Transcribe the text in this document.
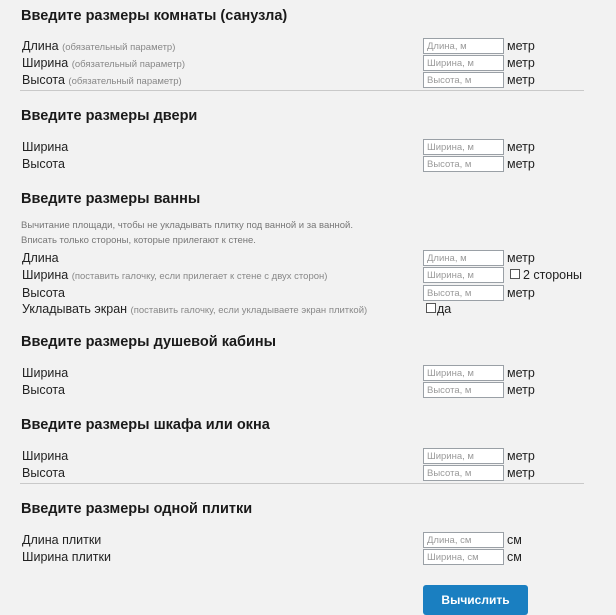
Введите размеры комнаты (санузла)
Длина (обязательный параметр)
Длина, м	метр
Ширина (обязательный параметр)
Ширина, м	метр
Высота (обязательный параметр)
Высота, м	метр
Введите размеры двери
Ширина
Ширина, м	метр
Высота
Высота, м	метр
Введите размеры ванны
Вычитание площади, чтобы не укладывать плитку под ванной и за ванной.
Вписать только стороны, которые прилегают к стене.
Длина
Длина, м	метр
Ширина (поставить галочку, если прилегает к стене с двух сторон)
Ширина, м	2 стороны
Высота
Высота, м	метр
Укладывать экран (поставить галочку, если укладываете экран плиткой)	да
Введите размеры душевой кабины
Ширина
Ширина, м	метр
Высота
Высота, м	метр
Введите размеры шкафа или окна
Ширина
Ширина, м	метр
Высота
Высота, м	метр
Введите размеры одной плитки
Длина плитки
Длина, см	см
Ширина плитки
Ширина, см	см
Вычислить
